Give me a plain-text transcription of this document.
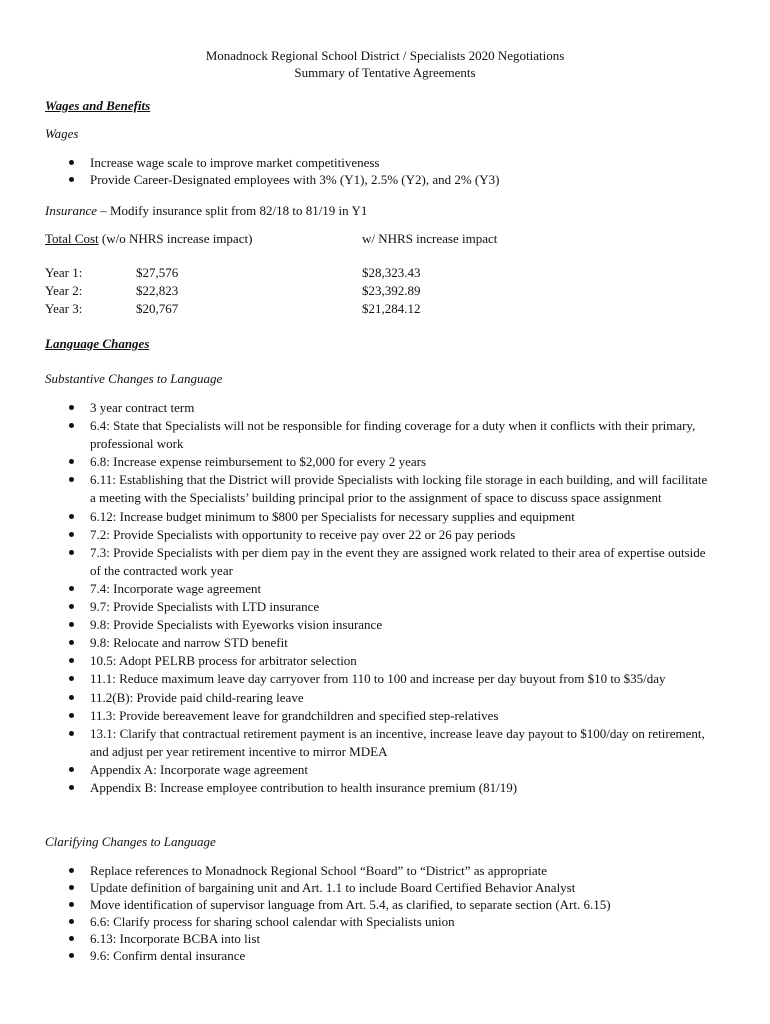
Monadnock Regional School District / Specialists 2020 Negotiations
Summary of Tentative Agreements
Wages and Benefits
Wages
Increase wage scale to improve market competitiveness
Provide Career-Designated employees with 3% (Y1), 2.5% (Y2), and 2% (Y3)
Insurance – Modify insurance split from 82/18 to 81/19 in Y1
Total Cost (w/o NHRS increase impact)	w/ NHRS increase impact
Year 1:	$27,576	$28,323.43
Year 2:	$22,823	$23,392.89
Year 3:	$20,767	$21,284.12
Language Changes
Substantive Changes to Language
3 year contract term
6.4: State that Specialists will not be responsible for finding coverage for a duty when it conflicts with their primary, professional work
6.8: Increase expense reimbursement to $2,000 for every 2 years
6.11: Establishing that the District will provide Specialists with locking file storage in each building, and will facilitate a meeting with the Specialists’ building principal prior to the assignment of space to discuss space assignment
6.12: Increase budget minimum to $800 per Specialists for necessary supplies and equipment
7.2: Provide Specialists with opportunity to receive pay over 22 or 26 pay periods
7.3: Provide Specialists with per diem pay in the event they are assigned work related to their area of expertise outside of the contracted work year
7.4: Incorporate wage agreement
9.7: Provide Specialists with LTD insurance
9.8: Provide Specialists with Eyeworks vision insurance
9.8: Relocate and narrow STD benefit
10.5: Adopt PELRB process for arbitrator selection
11.1: Reduce maximum leave day carryover from 110 to 100 and increase per day buyout from $10 to $35/day
11.2(B): Provide paid child-rearing leave
11.3: Provide bereavement leave for grandchildren and specified step-relatives
13.1: Clarify that contractual retirement payment is an incentive, increase leave day payout to $100/day on retirement, and adjust per year retirement incentive to mirror MDEA
Appendix A: Incorporate wage agreement
Appendix B: Increase employee contribution to health insurance premium (81/19)
Clarifying Changes to Language
Replace references to Monadnock Regional School “Board” to “District” as appropriate
Update definition of bargaining unit and Art. 1.1 to include Board Certified Behavior Analyst
Move identification of supervisor language from Art. 5.4, as clarified, to separate section (Art. 6.15)
6.6: Clarify process for sharing school calendar with Specialists union
6.13: Incorporate BCBA into list
9.6: Confirm dental insurance
